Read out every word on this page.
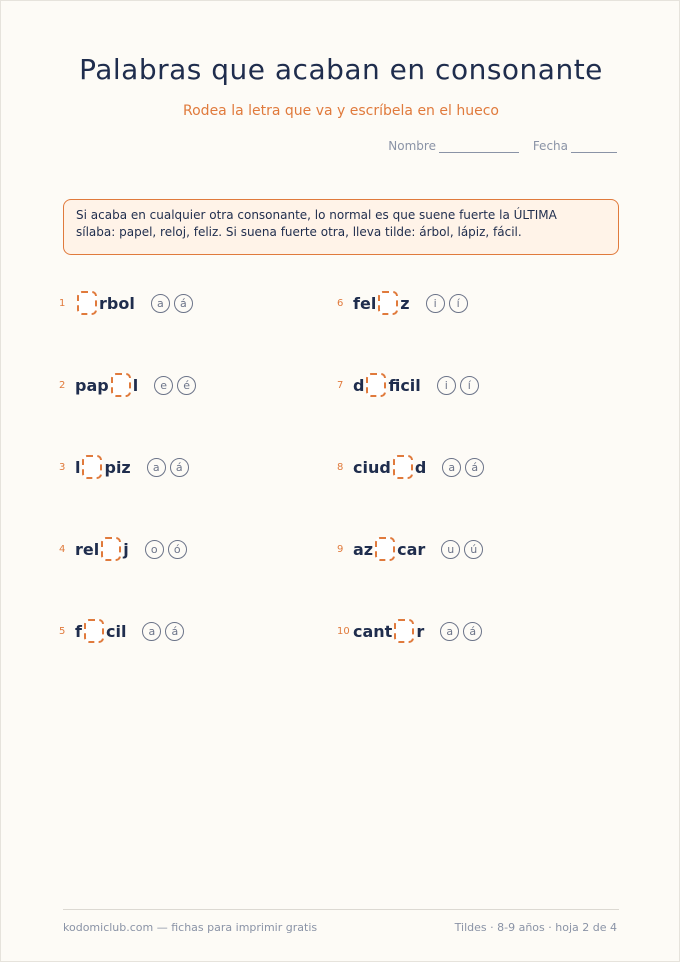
Palabras que acaban en consonante
Rodea la letra que va y escríbela en el hueco
Nombre	Fecha
Si acaba en cualquier otra consonante, lo normal es que suene fuerte la ÚLTIMA
sílaba: papel, reloj, feliz. Si suena fuerte otra, lleva tilde: árbol, lápiz, fácil.
1	rbol	a	á
2 pap l	e	é
3 l piz	a	á
4 rel j	o	ó
5 f cil	a	á
6 fel z	i	í
7 d ficil	i	í
8 ciud d	a	á
9 az car	u	ú
10 cant r	a	á
kodomiclub.com — fichas para imprimir gratis	Tildes · 8-9 años · hoja 2 de 4
